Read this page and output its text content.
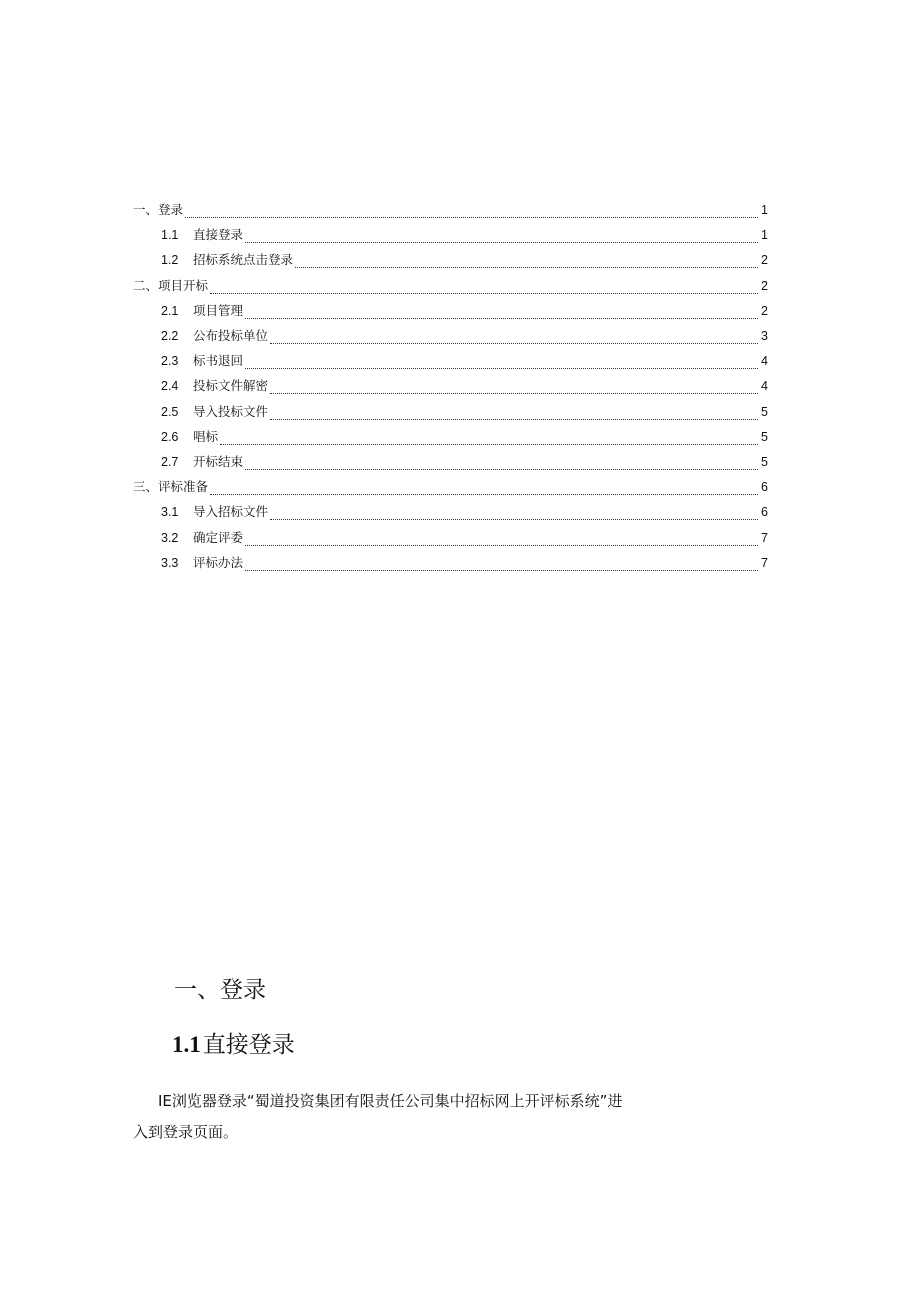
一、登录	1
1.1 直接登录	1
1.2 招标系统点击登录	2
二、项目开标	2
2.1 项目管理	2
2.2 公布投标单位	3
2.3 标书退回	4
2.4 投标文件解密	4
2.5 导入投标文件	5
2.6 唱标	5
2.7 开标结束	5
三、评标准备	6
3.1 导入招标文件	6
3.2 确定评委	7
3.3 评标办法	7
一、登录
1.1直接登录
IE浏览器登录“蜀道投资集团有限责任公司集中招标网上开评标系统”进
入到登录页面。
